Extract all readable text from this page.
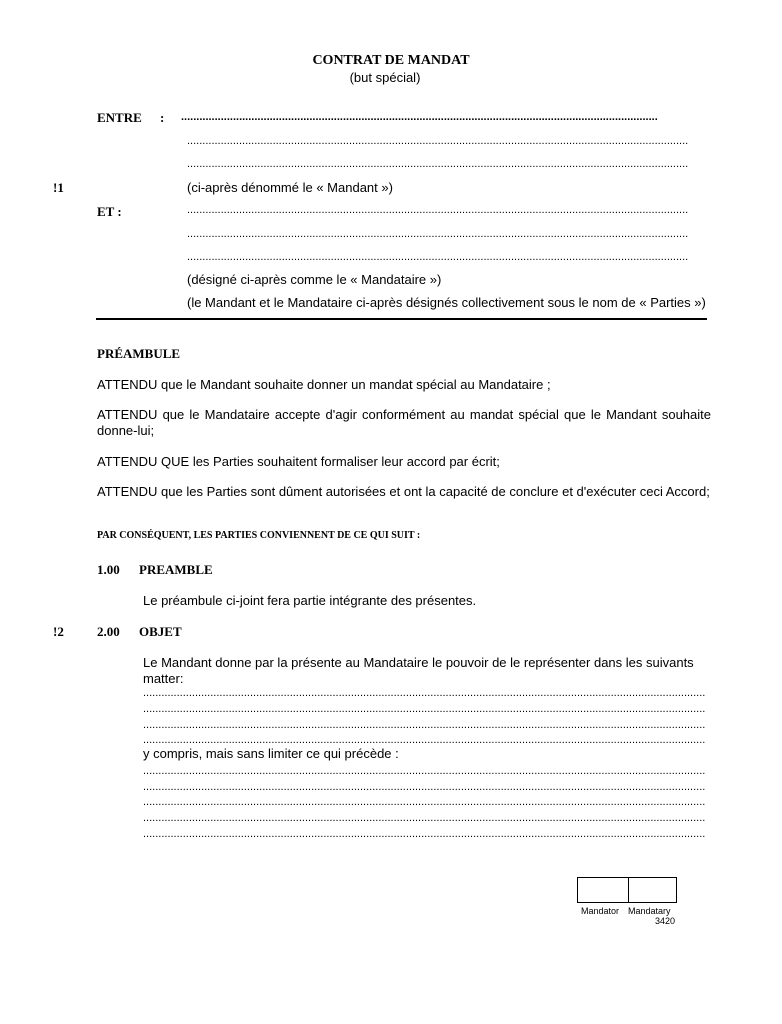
CONTRAT DE MANDAT
(but spécial)
ENTRE : ............................................................................................................................................................
....................................................................................................................................................................
....................................................................................................................................................................
!1	(ci-après dénommé le « Mandant »)
ET :	....................................................................................................................................................................
....................................................................................................................................................................
....................................................................................................................................................................
(désigné ci-après comme le « Mandataire »)
(le Mandant et le Mandataire ci-après désignés collectivement sous le nom de « Parties »)
PRÉAMBULE
ATTENDU que le Mandant souhaite donner un mandat spécial au Mandataire ;
ATTENDU que le Mandataire accepte d'agir conformément au mandat spécial que le Mandant souhaite donne-lui;
ATTENDU QUE les Parties souhaitent formaliser leur accord par écrit;
ATTENDU que les Parties sont dûment autorisées et ont la capacité de conclure et d'exécuter ceci Accord;
PAR CONSÉQUENT, LES PARTIES CONVIENNENT DE CE QUI SUIT :
1.00 PREAMBLE
Le préambule ci-joint fera partie intégrante des présentes.
!2	2.00 OBJET
Le Mandant donne par la présente au Mandataire le pouvoir de le représenter dans les suivants matter:
........................................................................................................................................................................................
........................................................................................................................................................................................
........................................................................................................................................................................................
........................................................................................................................................................................................
y compris, mais sans limiter ce qui précède :
........................................................................................................................................................................................
........................................................................................................................................................................................
........................................................................................................................................................................................
........................................................................................................................................................................................
........................................................................................................................................................................................
Mandator Mandatary
3420
